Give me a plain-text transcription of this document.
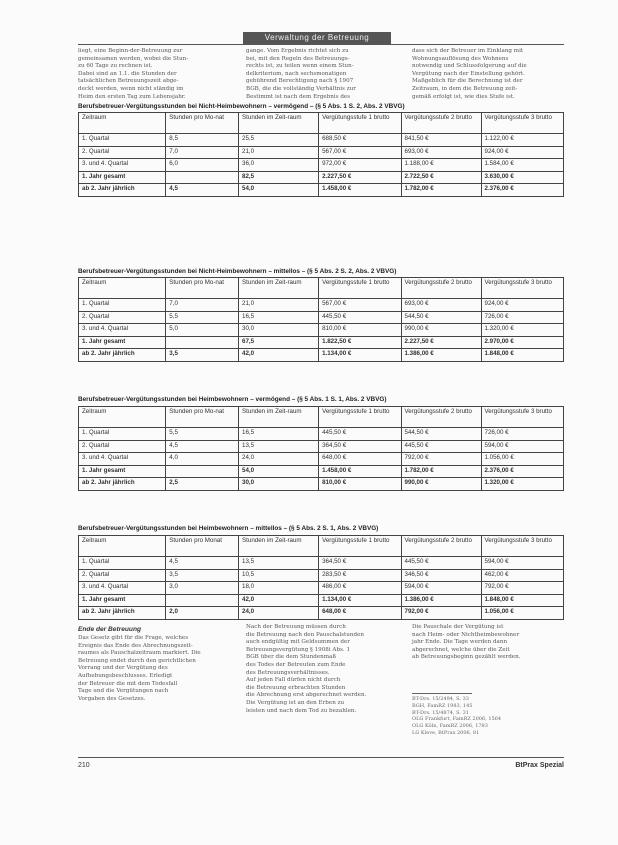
Verwaltung der Betreuung

liegt, eine Beginn-der-Betreuung zur

gemeinsamen werden, wobei die Stun-

zu 60 Tage zu rechnen ist.

Dabei sind an 1.1. die Stunden der

tatsächlichen Betreuungszeit abge-

deckt werden, wenn nicht ständig im

Heim den ersten Tag zum Lebensjahr.

gange. Vom Ergebnis richtet sich zu

bei, mit den Regeln des Betreuungs-

rechts ist, zu teilen wenn einem Stun-

delkriterium, nach sechsmonatigen

gebührend Berechtigung nach § 1907

BGB, die die vollständig Verhältnis zur

Bestimmt ist nach dem Ergebnis des

dass sich der Betreuer im Einklang mit

Wohnungsauflösung des Wohnens

notwendig und Schlussfolgerung auf die

Vergütung nach der Einstellung gehört.

Maßgeblich für die Berechnung ist der

Zeitraum, in dem die Betreuung zeit-

gemäß erfolgt ist, wie dies Stufe ist.

Berufsbetreuer-Vergütungsstunden bei Nicht-Heimbewohnern – vermögend – (§ 5 Abs. 1 S. 2, Abs. 2 VBVG)
Zeitraum	Stunden pro Mo-nat	Stunden im Zeit-raum	Vergütungsstufe 1 brutto	Vergütungsstufe 2 brutto	Vergütungsstufe 3 brutto
1. Quartal	8,5	25,5	688,50 €	841,50 €	1.122,00 €
2. Quartal	7,0	21,0	567,00 €	693,00 €	924,00 €
3. und 4. Quartal	6,0	36,0	972,00 €	1.188,00 €	1.584,00 €
1. Jahr gesamt		82,5	2.227,50 €	2.722,50 €	3.630,00 €
ab 2. Jahr jährlich	4,5	54,0	1.458,00 €	1.782,00 €	2.376,00 €
Berufsbetreuer-Vergütungsstunden bei Nicht-Heimbewohnern – mittellos – (§ 5 Abs. 2 S. 2, Abs. 2 VBVG)
Zeitraum	Stunden pro Mo-nat	Stunden im Zeit-raum	Vergütungsstufe 1 brutto	Vergütungsstufe 2 brutto	Vergütungsstufe 3 brutto
1. Quartal	7,0	21,0	567,00 €	693,00 €	924,00 €
2. Quartal	5,5	16,5	445,50 €	544,50 €	726,00 €
3. und 4. Quartal	5,0	30,0	810,00 €	990,00 €	1.320,00 €
1. Jahr gesamt		67,5	1.822,50 €	2.227,50 €	2.970,00 €
ab 2. Jahr jährlich	3,5	42,0	1.134,00 €	1.386,00 €	1.848,00 €
Berufsbetreuer-Vergütungsstunden bei Heimbewohnern – vermögend – (§ 5 Abs. 1 S. 1, Abs. 2 VBVG)
Zeitraum	Stunden pro Mo-nat	Stunden im Zeit-raum	Vergütungsstufe 1 brutto	Vergütungsstufe 2 brutto	Vergütungsstufe 3 brutto
1. Quartal	5,5	16,5	445,50 €	544,50 €	726,00 €
2. Quartal	4,5	13,5	364,50 €	445,50 €	594,00 €
3. und 4. Quartal	4,0	24,0	648,00 €	792,00 €	1.056,00 €
1. Jahr gesamt		54,0	1.458,00 €	1.782,00 €	2.376,00 €
ab 2. Jahr jährlich	2,5	30,0	810,00 €	990,00 €	1.320,00 €
Berufsbetreuer-Vergütungsstunden bei Heimbewohnern – mittellos – (§ 5 Abs. 2 S. 1, Abs. 2 VBVG)
Zeitraum	Stunden pro Monat	Stunden im Zeit-raum	Vergütungsstufe 1 brutto	Vergütungsstufe 2 brutto	Vergütungsstufe 3 brutto
1. Quartal	4,5	13,5	364,50 €	445,50 €	594,00 €
2. Quartal	3,5	10,5	283,50 €	346,50 €	462,00 €
3. und 4. Quartal	3,0	18,0	486,00 €	594,00 €	792,00 €
1. Jahr gesamt		42,0	1.134,00 €	1.386,00 €	1.848,00 €
ab 2. Jahr jährlich	2,0	24,0	648,00 €	792,00 €	1.056,00 €
Ende der Betreuung

Das Gesetz gibt für die Frage, welches

Ereignis das Ende des Abrechnungszeit-

raumes als Pauschalzeitraum markiert. Die

Betreuung endet durch den gerichtlichen

Vorrang und der Vergütung des

Aufhebungsbeschlusses. Erledigt

der Betreuer die mit dem Todesfall

Tage und die Vergütungen nach

Vorgaben des Gesetzes.

Nach der Betreuung müssen durch

die Betreuung nach den Pauschalstunden

auch endgültig mit Geldsummen der

Betreuungsvergütung § 1908i Abs. 1

BGB über die dem Stundenmaß

des Todes der Betreuten zum Ende

des Betreuungsverhältnisses.

Auf jeden Fall dürfen nicht durch

die Betreuung erbrachten Stunden

die Abrechnung erst abgerechnet werden.

Die Vergütung ist an den Erben zu

leisten und nach dem Tod zu bezahlen.

Die Pauschale der Vergütung ist

nach Heim- oder Nichtheimbewohner

jahr Ende. Die Tage werden dann

abgerechnet, welche über die Zeit

ab Betreuungsbeginn gezählt werden.

BT-Drs. 15/2494, S. 33
BGH, FamRZ 1983, 145
BT-Drs. 15/4874, S. 31
OLG Frankfurt, FamRZ 2006, 1564
OLG Köln, FamRZ 2006, 1783
LG Kleve, BtPrax 2006, 81
210	BtPrax Spezial
